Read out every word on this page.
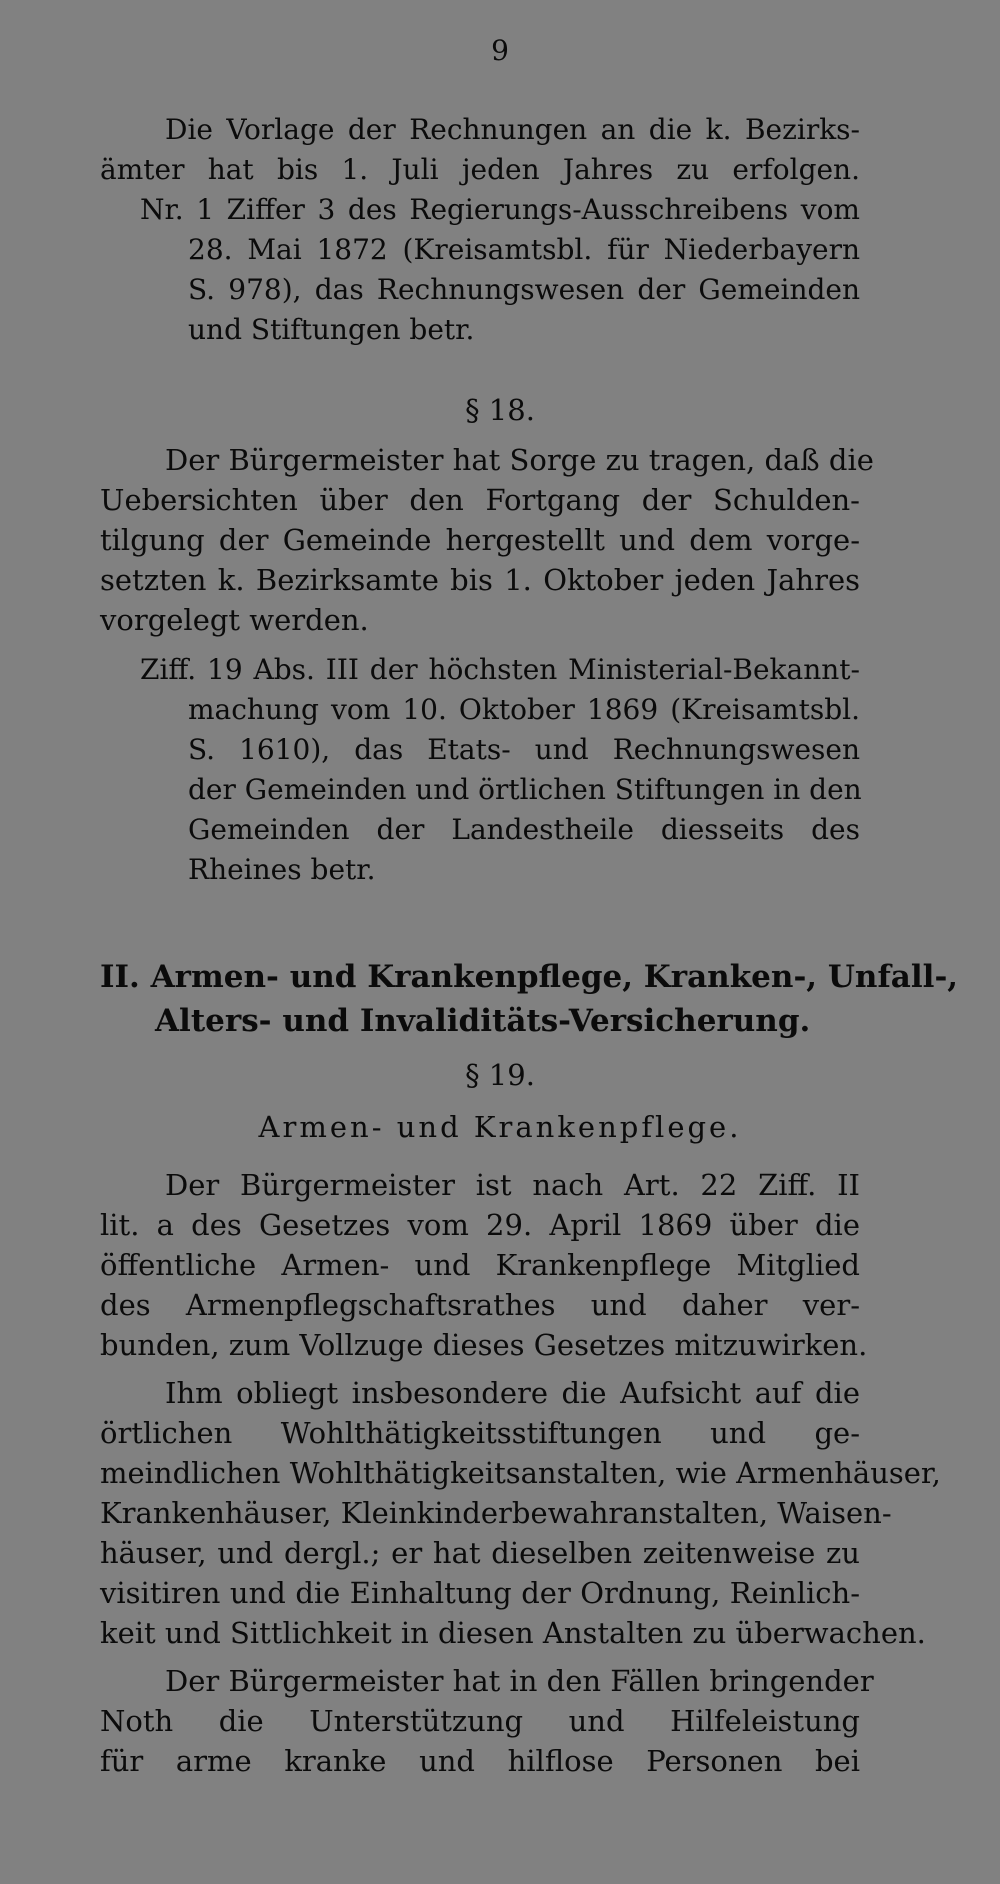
9
Die Vorlage der Rechnungen an die k. Bezirks-
ämter hat bis 1. Juli jeden Jahres zu erfolgen.
Nr. 1 Ziffer 3 des Regierungs-Ausschreibens vom
28. Mai 1872 (Kreisamtsbl. für Niederbayern
S. 978), das Rechnungswesen der Gemeinden
und Stiftungen betr.
§ 18.
Der Bürgermeister hat Sorge zu tragen, daß die
Uebersichten über den Fortgang der Schulden-
tilgung der Gemeinde hergestellt und dem vorge-
setzten k. Bezirksamte bis 1. Oktober jeden Jahres
vorgelegt werden.
Ziff. 19 Abs. III der höchsten Ministerial-Bekannt-
machung vom 10. Oktober 1869 (Kreisamtsbl.
S. 1610), das Etats- und Rechnungswesen
der Gemeinden und örtlichen Stiftungen in den
Gemeinden der Landestheile diesseits des
Rheines betr.
II. Armen- und Krankenpflege, Kranken-, Unfall-,
Alters- und Invaliditäts-Versicherung.
§ 19.
Armen- und Krankenpflege.
Der Bürgermeister ist nach Art. 22 Ziff. II
lit. a des Gesetzes vom 29. April 1869 über die
öffentliche Armen- und Krankenpflege Mitglied
des Armenpflegschaftsrathes und daher ver-
bunden, zum Vollzuge dieses Gesetzes mitzuwirken.
Ihm obliegt insbesondere die Aufsicht auf die
örtlichen Wohlthätigkeitsstiftungen und ge-
meindlichen Wohlthätigkeitsanstalten, wie Armenhäuser,
Krankenhäuser, Kleinkinderbewahranstalten, Waisen-
häuser, und dergl.; er hat dieselben zeitenweise zu
visitiren und die Einhaltung der Ordnung, Reinlich-
keit und Sittlichkeit in diesen Anstalten zu überwachen.
Der Bürgermeister hat in den Fällen bringender
Noth die Unterstützung und Hilfeleistung
für arme kranke und hilflose Personen bei
